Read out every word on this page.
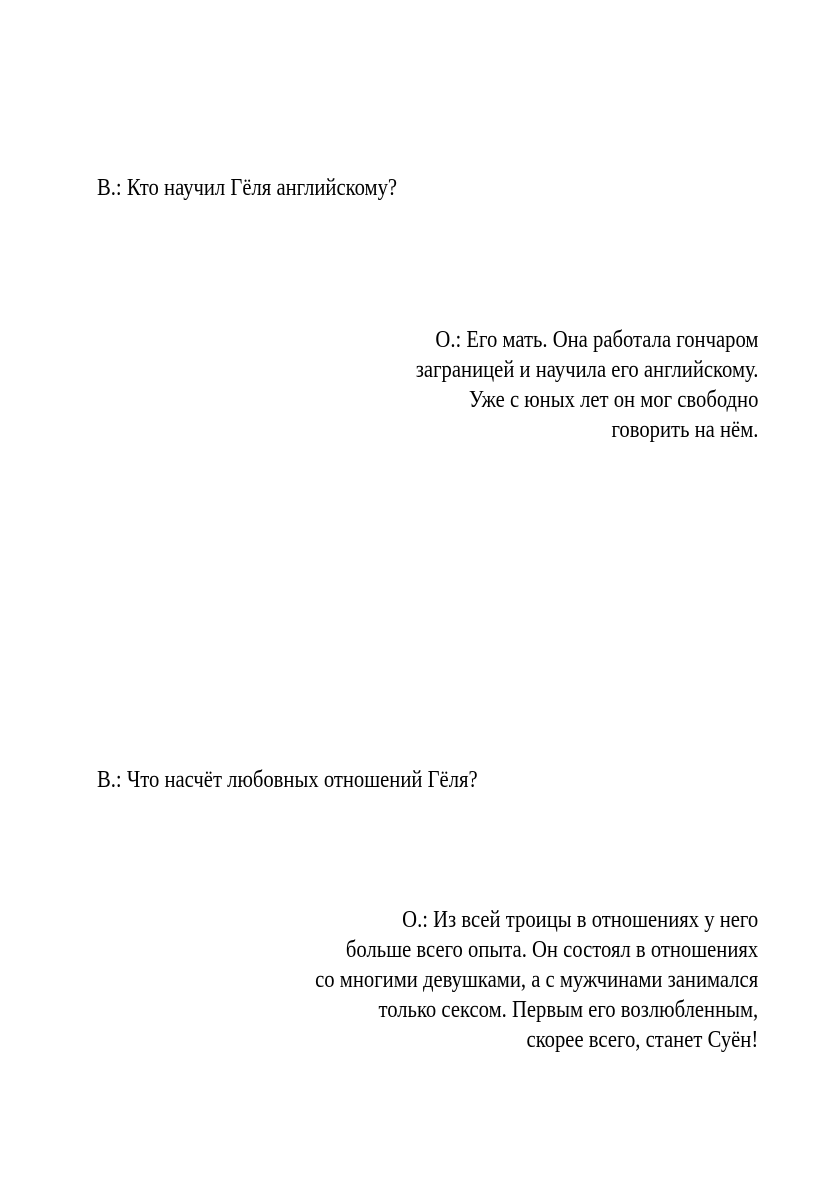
В.: Кто научил Гёля английскому?
О.: Его мать. Она работала гончаром
заграницей и научила его английскому.
Уже с юных лет он мог свободно
говорить на нём.
В.: Что насчёт любовных отношений Гёля?
О.: Из всей троицы в отношениях у него
больше всего опыта. Он состоял в отношениях
со многими девушками, а с мужчинами занимался
только сексом. Первым его возлюбленным,
скорее всего, станет Суён!
